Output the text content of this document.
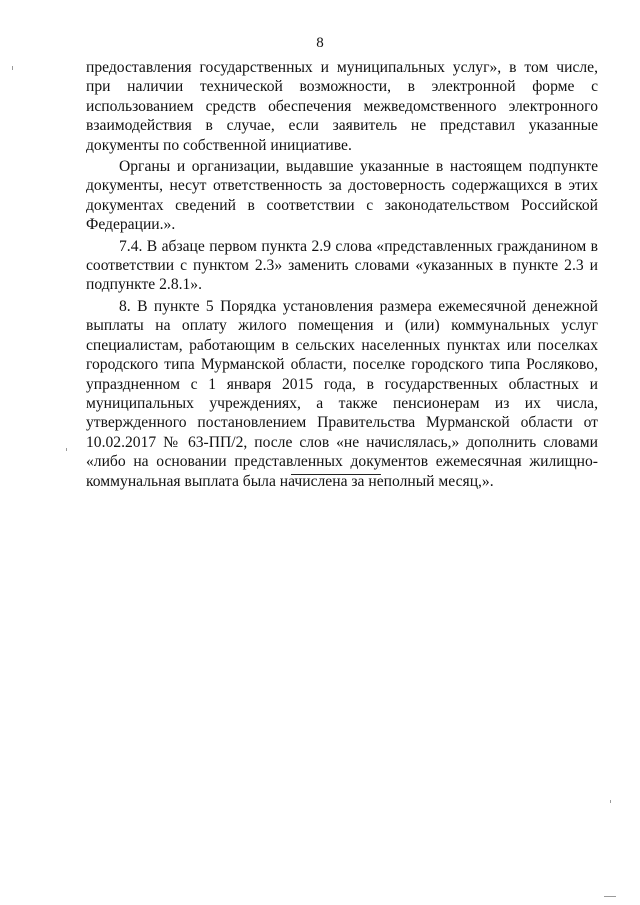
8

предоставления государственных и муниципальных услуг», в том числе, при наличии технической возможности, в электронной форме с использованием средств обеспечения межведомственного электронного взаимодействия в случае, если заявитель не представил указанные документы по собственной инициативе.

Органы и организации, выдавшие указанные в настоящем подпункте документы, несут ответственность за достоверность содержащихся в этих документах сведений в соответствии с законодательством Российской Федерации.».

7.4. В абзаце первом пункта 2.9 слова «представленных гражданином в соответствии с пунктом 2.3» заменить словами «указанных в пункте 2.3 и подпункте 2.8.1».

8. В пункте 5 Порядка установления размера ежемесячной денежной выплаты на оплату жилого помещения и (или) коммунальных услуг специалистам, работающим в сельских населенных пунктах или поселках городского типа Мурманской области, поселке городского типа Росляково, упраздненном с 1 января 2015 года, в государственных областных и муниципальных учреждениях, а также пенсионерам из их числа, утвержденного постановлением Правительства Мурманской области от 10.02.2017 № 63-ПП/2, после слов «не начислялась,» дополнить словами «либо на основании представленных документов ежемесячная жилищно-коммунальная выплата была начислена за неполный месяц,».
